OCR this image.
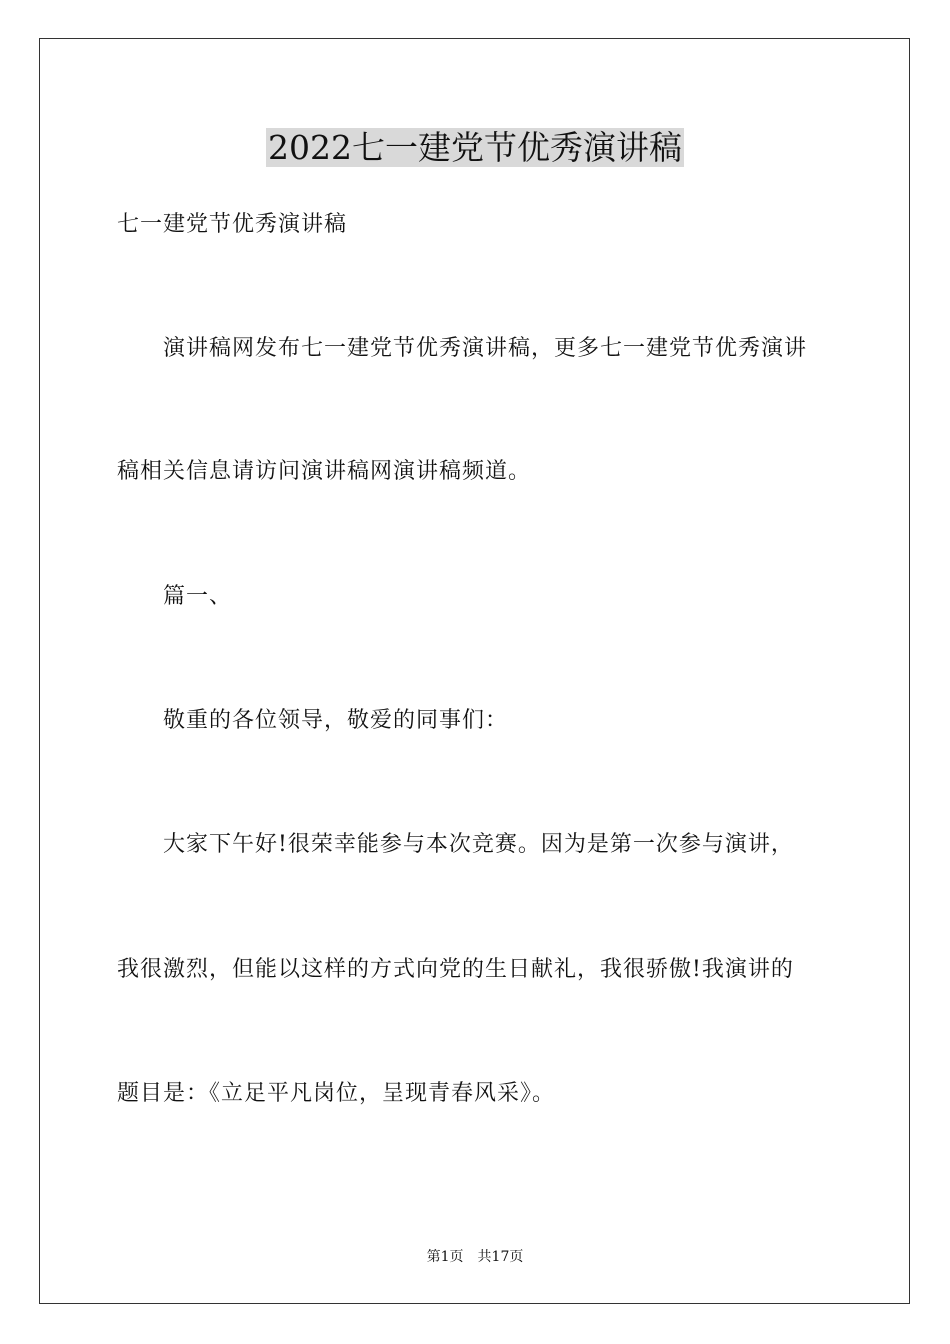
2022七一建党节优秀演讲稿

七一建党节优秀演讲稿

演讲稿网发布七一建党节优秀演讲稿，更多七一建党节优秀演讲

稿相关信息请访问演讲稿网演讲稿频道。

篇一、

敬重的各位领导，敬爱的同事们：

大家下午好!很荣幸能参与本次竞赛。因为是第一次参与演讲，

我很激烈，但能以这样的方式向党的生日献礼，我很骄傲!我演讲的

题目是：《立足平凡岗位，呈现青春风采》。

第1页 共17页
